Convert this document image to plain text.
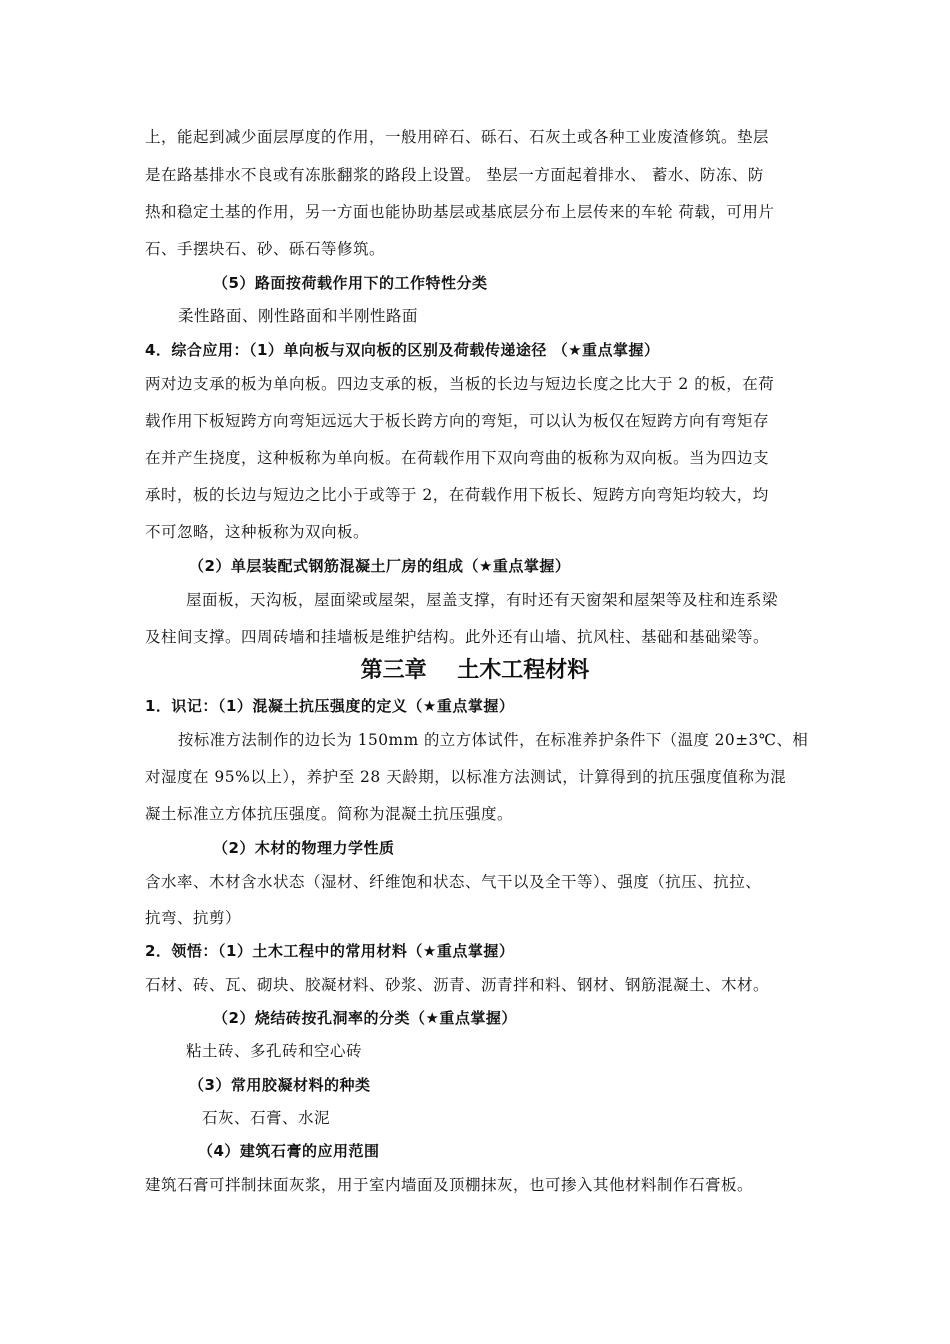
上，能起到减少面层厚度的作用，一般用碎石、砾石、石灰土或各种工业废渣修筑。垫层
是在路基排水不良或有冻胀翻浆的路段上设置。 垫层一方面起着排水、 蓄水、防冻、防
热和稳定土基的作用，另一方面也能协助基层或基底层分布上层传来的车轮 荷载，可用片
石、手摆块石、砂、砾石等修筑。
（5）路面按荷载作用下的工作特性分类
柔性路面、刚性路面和半刚性路面
4．综合应用：（1）单向板与双向板的区别及荷载传递途径 （★重点掌握）
两对边支承的板为单向板。四边支承的板，当板的长边与短边长度之比大于 2 的板，在荷
载作用下板短跨方向弯矩远远大于板长跨方向的弯矩，可以认为板仅在短跨方向有弯矩存
在并产生挠度，这种板称为单向板。在荷载作用下双向弯曲的板称为双向板。当为四边支
承时，板的长边与短边之比小于或等于 2，在荷载作用下板长、短跨方向弯矩均较大，均
不可忽略，这种板称为双向板。
（2）单层装配式钢筋混凝土厂房的组成（★重点掌握）
屋面板，天沟板，屋面梁或屋架，屋盖支撑，有时还有天窗架和屋架等及柱和连系梁
及柱间支撑。四周砖墙和挂墙板是维护结构。此外还有山墙、抗风柱、基础和基础梁等。
第三章    土木工程材料
1．识记：（1）混凝土抗压强度的定义（★重点掌握）
按标准方法制作的边长为 150mm 的立方体试件，在标准养护条件下（温度 20±3℃、相
对湿度在 95%以上），养护至 28 天龄期，以标准方法测试，计算得到的抗压强度值称为混
凝土标准立方体抗压强度。简称为混凝土抗压强度。
（2）木材的物理力学性质
含水率、木材含水状态（湿材、纤维饱和状态、气干以及全干等）、强度（抗压、抗拉、
抗弯、抗剪）
2．领悟：（1）土木工程中的常用材料（★重点掌握）
石材、砖、瓦、砌块、胶凝材料、砂浆、沥青、沥青拌和料、钢材、钢筋混凝土、木材。
（2）烧结砖按孔洞率的分类（★重点掌握）
粘土砖、多孔砖和空心砖
（3）常用胶凝材料的种类
石灰、石膏、水泥
（4）建筑石膏的应用范围
建筑石膏可拌制抹面灰浆，用于室内墙面及顶棚抹灰，也可掺入其他材料制作石膏板。
